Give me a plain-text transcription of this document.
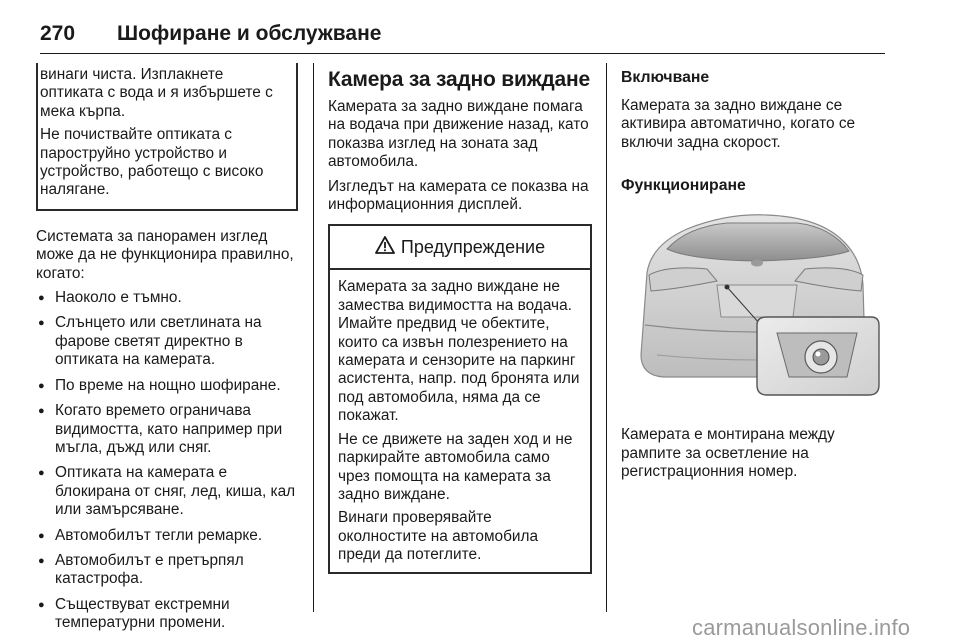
270 Шофиране и обслужване

винаги чиста. Изплакнете оптиката с вода и я избършете с мека кърпа.

Не почиствайте оптиката с пароструйно устройство и устройство, работещо с високо налягане.

Системата за панорамен изглед може да не функционира правилно, когато:

● Наоколо е тъмно.
● Слънцето или светлината на фарове светят директно в оптиката на камерата.
● По време на нощно шофиране.
● Когато времето ограничава видимостта, като например при мъгла, дъжд или сняг.
● Оптиката на камерата е блокирана от сняг, лед, киша, кал или замърсяване.
● Автомобилът тегли ремарке.
● Автомобилът е претърпял катастрофа.
● Съществуват екстремни температурни промени.
Камера за задно виждане

Камерата за задно виждане помага на водача при движение назад, като показва изглед на зоната зад автомобила.

Изгледът на камерата се показва на информационния дисплей.

Предупреждение

Камерата за задно виждане не замества видимостта на водача. Имайте предвид че обектите, които са извън полезрението на камерата и сензорите на паркинг асистента, напр. под бронята или под автомобила, няма да се покажат.

Не се движете на заден ход и не паркирайте автомобила само чрез помощта на камерата за задно виждане.

Винаги проверявайте околностите на автомобила преди да потеглите.

Включване

Камерата за задно виждане се активира автоматично, когато се включи задна скорост.

Функциониране

Камерата е монтирана между рампите за осветление на регистрационния номер.

carmanualsonline.info
